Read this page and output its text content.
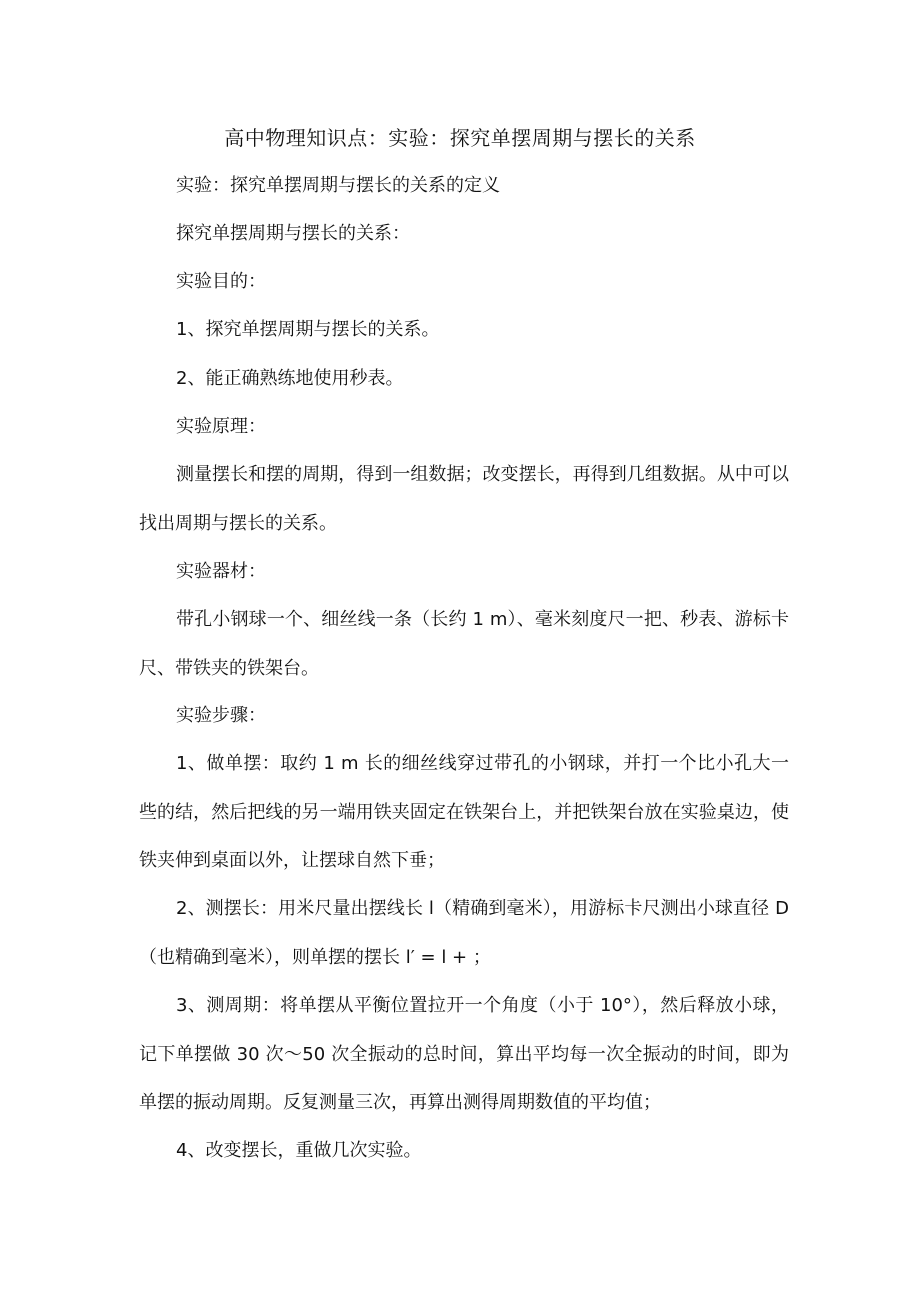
高中物理知识点：实验：探究单摆周期与摆长的关系

实验：探究单摆周期与摆长的关系的定义

探究单摆周期与摆长的关系：

实验目的：

1、探究单摆周期与摆长的关系。

2、能正确熟练地使用秒表。

实验原理：

测量摆长和摆的周期，得到一组数据；改变摆长，再得到几组数据。从中可以找出周期与摆长的关系。

实验器材：

带孔小钢球一个、细丝线一条（长约 1 m）、毫米刻度尺一把、秒表、游标卡尺、带铁夹的铁架台。

实验步骤：

1、做单摆：取约 1 m 长的细丝线穿过带孔的小钢球，并打一个比小孔大一些的结，然后把线的另一端用铁夹固定在铁架台上，并把铁架台放在实验桌边，使铁夹伸到桌面以外，让摆球自然下垂；

2、测摆长：用米尺量出摆线长 l（精确到毫米），用游标卡尺测出小球直径 D（也精确到毫米），则单摆的摆长 l′ = l + ；

3、测周期：将单摆从平衡位置拉开一个角度（小于 10°），然后释放小球，记下单摆做 30 次～50 次全振动的总时间，算出平均每一次全振动的时间，即为单摆的振动周期。反复测量三次，再算出测得周期数值的平均值；

4、改变摆长，重做几次实验。
